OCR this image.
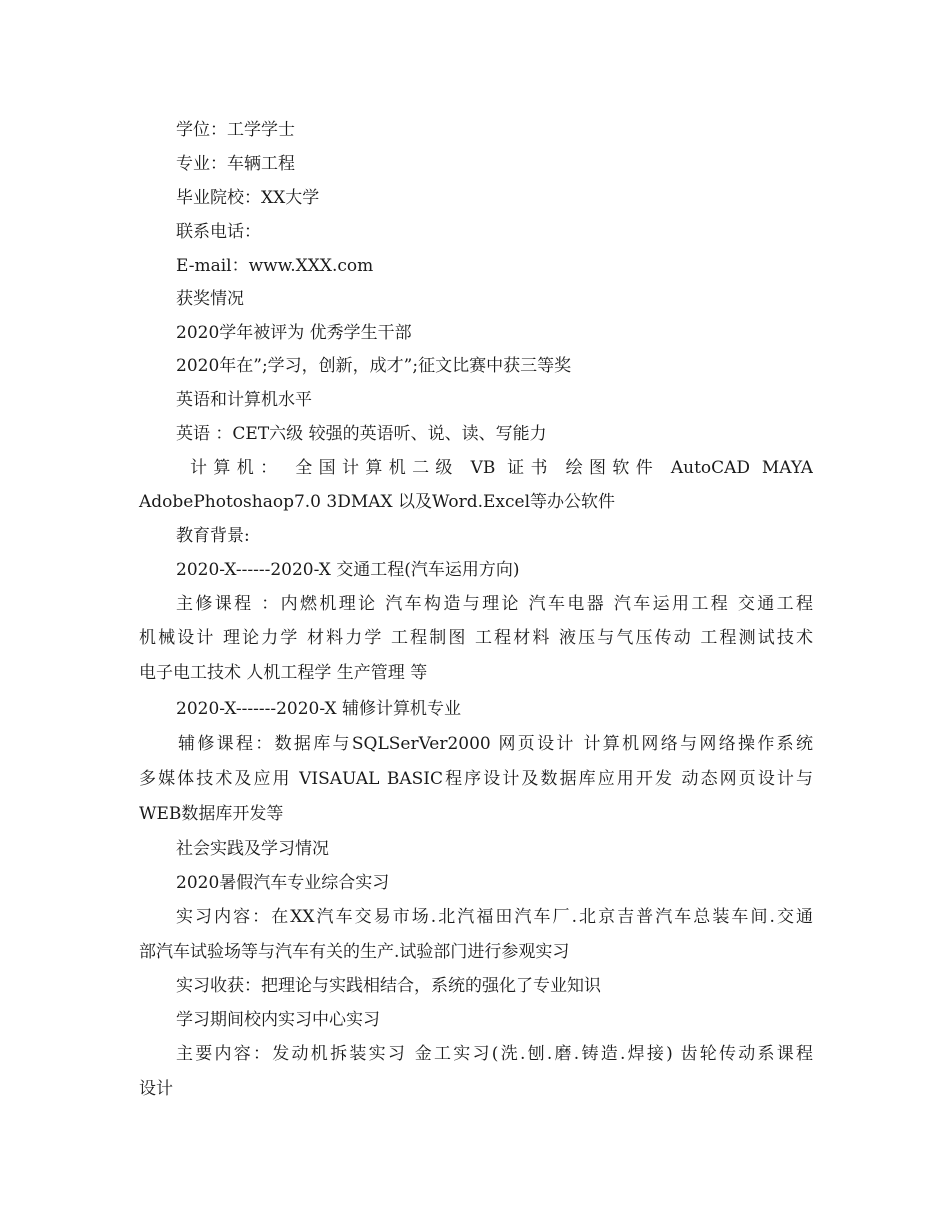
学位：工学学士
专业：车辆工程
毕业院校：XX大学
联系电话：
E-mail：www.XXX.com
获奖情况
2020学年被评为 优秀学生干部
2020年在”;学习，创新，成才”;征文比赛中获三等奖
英语和计算机水平
英语 ：CET六级 较强的英语听、说、读、写能力
计算机： 全国计算机二级 VB 证书 绘图软件 AutoCAD MAYA
AdobePhotoshaop7.0 3DMAX 以及Word.Excel等办公软件
教育背景:
2020-X------2020-X 交通工程(汽车运用方向)
主修课程 ：内燃机理论 汽车构造与理论 汽车电器 汽车运用工程 交通工程
机械设计 理论力学 材料力学 工程制图 工程材料 液压与气压传动 工程测试技术
电子电工技术 人机工程学 生产管理 等
2020-X-------2020-X 辅修计算机专业
辅修课程：数据库与SQLSerVer2000 网页设计 计算机网络与网络操作系统
多媒体技术及应用 VISAUAL BASIC程序设计及数据库应用开发 动态网页设计与
WEB数据库开发等
社会实践及学习情况
2020暑假汽车专业综合实习
实习内容：在XX汽车交易市场.北汽福田汽车厂.北京吉普汽车总装车间.交通
部汽车试验场等与汽车有关的生产.试验部门进行参观实习
实习收获：把理论与实践相结合，系统的强化了专业知识
学习期间校内实习中心实习
主要内容：发动机拆装实习 金工实习(洗.刨.磨.铸造.焊接) 齿轮传动系课程
设计
